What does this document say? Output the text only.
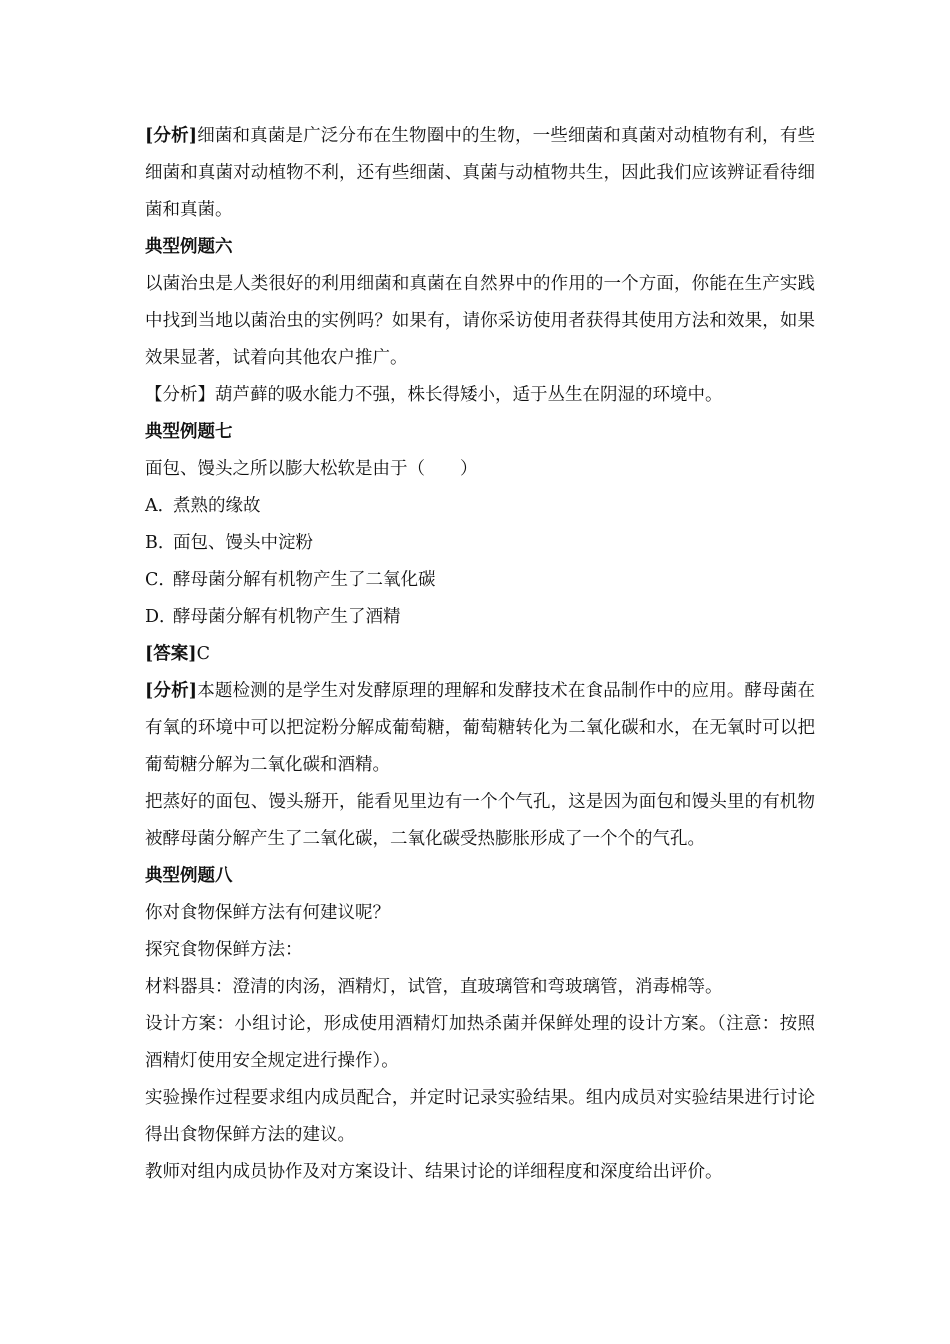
[分析]细菌和真菌是广泛分布在生物圈中的生物，一些细菌和真菌对动植物有利，有些细菌和真菌对动植物不利，还有些细菌、真菌与动植物共生，因此我们应该辨证看待细菌和真菌。

典型例题六

以菌治虫是人类很好的利用细菌和真菌在自然界中的作用的一个方面，你能在生产实践中找到当地以菌治虫的实例吗？如果有，请你采访使用者获得其使用方法和效果，如果效果显著，试着向其他农户推广。

【分析】葫芦藓的吸水能力不强，株长得矮小，适于丛生在阴湿的环境中。

典型例题七

面包、馒头之所以膨大松软是由于（　　）

A．煮熟的缘故

B．面包、馒头中淀粉

C．酵母菌分解有机物产生了二氧化碳

D．酵母菌分解有机物产生了酒精

[答案]C

[分析]本题检测的是学生对发酵原理的理解和发酵技术在食品制作中的应用。酵母菌在有氧的环境中可以把淀粉分解成葡萄糖，葡萄糖转化为二氧化碳和水，在无氧时可以把葡萄糖分解为二氧化碳和酒精。

把蒸好的面包、馒头掰开，能看见里边有一个个气孔，这是因为面包和馒头里的有机物被酵母菌分解产生了二氧化碳，二氧化碳受热膨胀形成了一个个的气孔。

典型例题八

你对食物保鲜方法有何建议呢？

探究食物保鲜方法：

材料器具：澄清的肉汤，酒精灯，试管，直玻璃管和弯玻璃管，消毒棉等。

设计方案：小组讨论，形成使用酒精灯加热杀菌并保鲜处理的设计方案。（注意：按照酒精灯使用安全规定进行操作）。

实验操作过程要求组内成员配合，并定时记录实验结果。组内成员对实验结果进行讨论得出食物保鲜方法的建议。

教师对组内成员协作及对方案设计、结果讨论的详细程度和深度给出评价。
